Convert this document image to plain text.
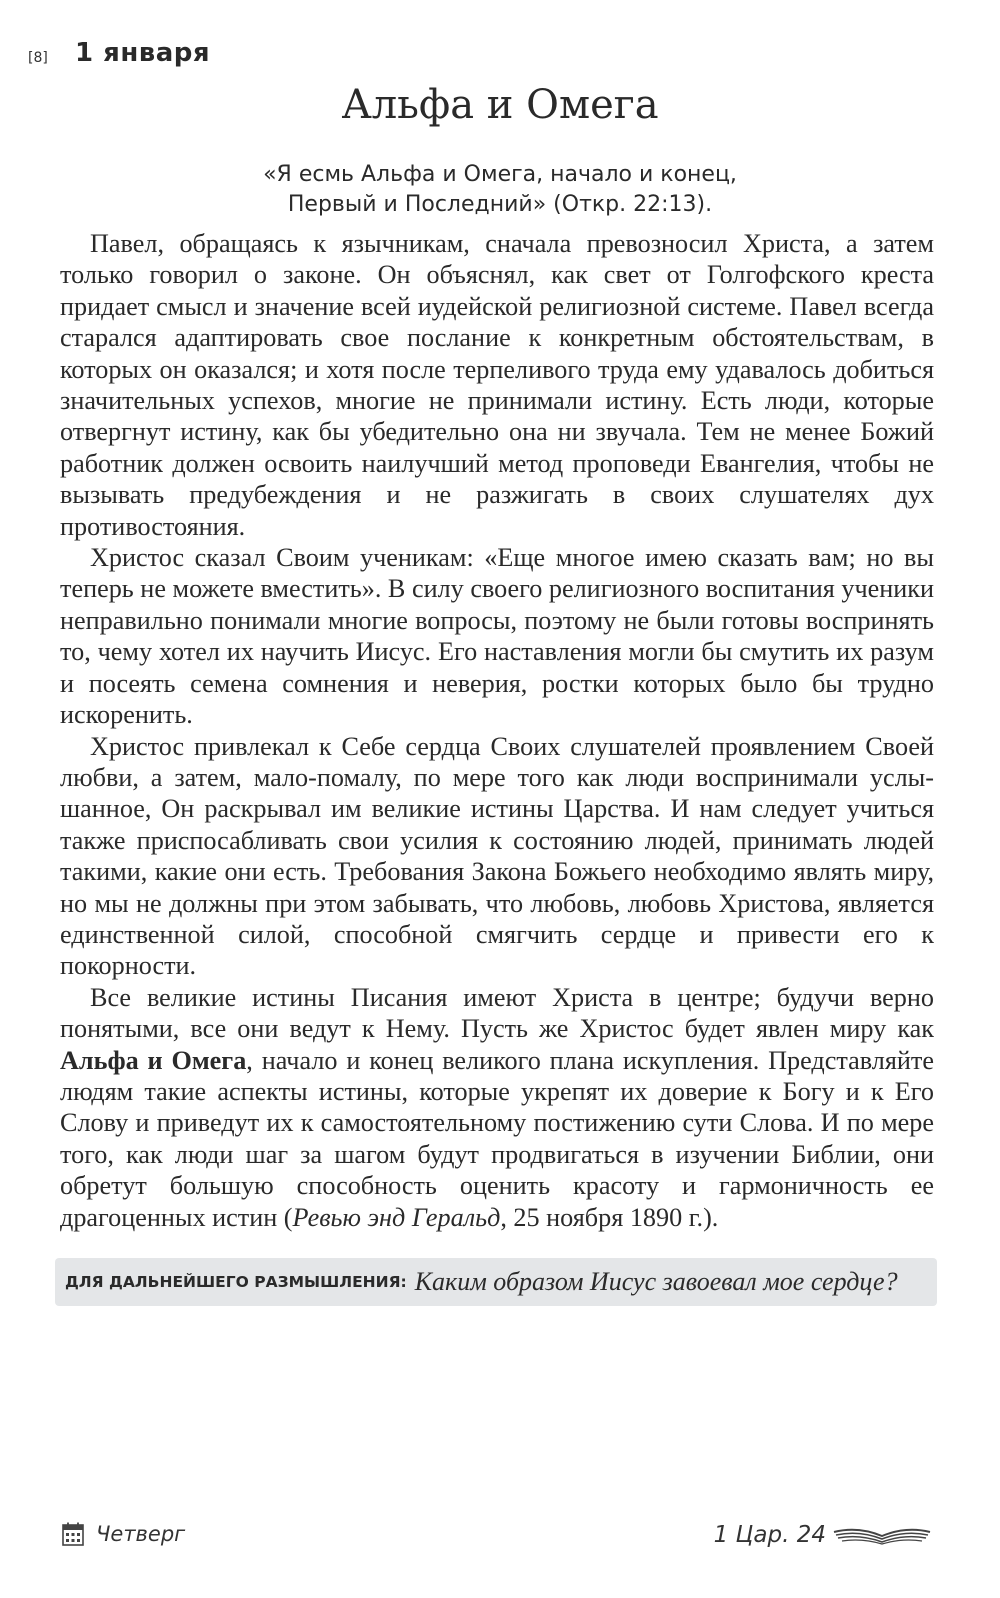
[8] 1 января
Альфа и Омега
«Я есмь Альфа и Омега, начало и конец,
Первый и Последний» (Откр. 22:13).

Павел, обращаясь к язычникам, сначала превозносил Христа, а затем только говорил о законе. Он объяснял, как свет от Голгофского креста придает смысл и значение всей иудейской религиозной системе. Павел всегда старался адаптировать свое послание к конкретным обстоятельствам, в которых он оказался; и хотя после терпеливого труда ему удавалось добиться значительных успехов, многие не принимали истину. Есть люди, которые отвергнут истину, как бы убедительно она ни звучала. Тем не менее Божий работник должен освоить наилучший метод проповеди Евангелия, чтобы не вызывать предубеждения и не разжигать в своих слушателях дух противостояния.

Христос сказал Своим ученикам: «Еще многое имею сказать вам; но вы теперь не можете вместить». В силу своего религиозного воспитания ученики неправильно понимали многие вопросы, поэтому не были готовы воспринять то, чему хотел их научить Иисус. Его наставления могли бы смутить их разум и посеять семена сомнения и неверия, ростки которых было бы трудно искоренить.

Христос привлекал к Себе сердца Своих слушателей проявлением Своей любви, а затем, мало-помалу, по мере того как люди воспринимали услышанное, Он раскрывал им великие истины Царства. И нам следует учиться также приспосабливать свои усилия к состоянию людей, принимать людей такими, какие они есть. Требования Закона Божьего необходимо являть миру, но мы не должны при этом забывать, что любовь, любовь Христова, является единственной силой, способной смягчить сердце и привести его к покорности.

Все великие истины Писания имеют Христа в центре; будучи верно понятыми, все они ведут к Нему. Пусть же Христос будет явлен миру как Альфа и Омега, начало и конец великого плана искупления. Представляйте людям такие аспекты истины, которые укрепят их доверие к Богу и к Его Слову и приведут их к самостоятельному постижению сути Слова. И по мере того, как люди шаг за шагом будут продвигаться в изучении Библии, они обретут большую способность оценить красоту и гармоничность ее драгоценных истин (Ревью энд Геральд, 25 ноября 1890 г.).

ДЛЯ ДАЛЬНЕЙШЕГО РАЗМЫШЛЕНИЯ: Каким образом Иисус завоевал мое сердце?
Четверг	1 Цар. 24
